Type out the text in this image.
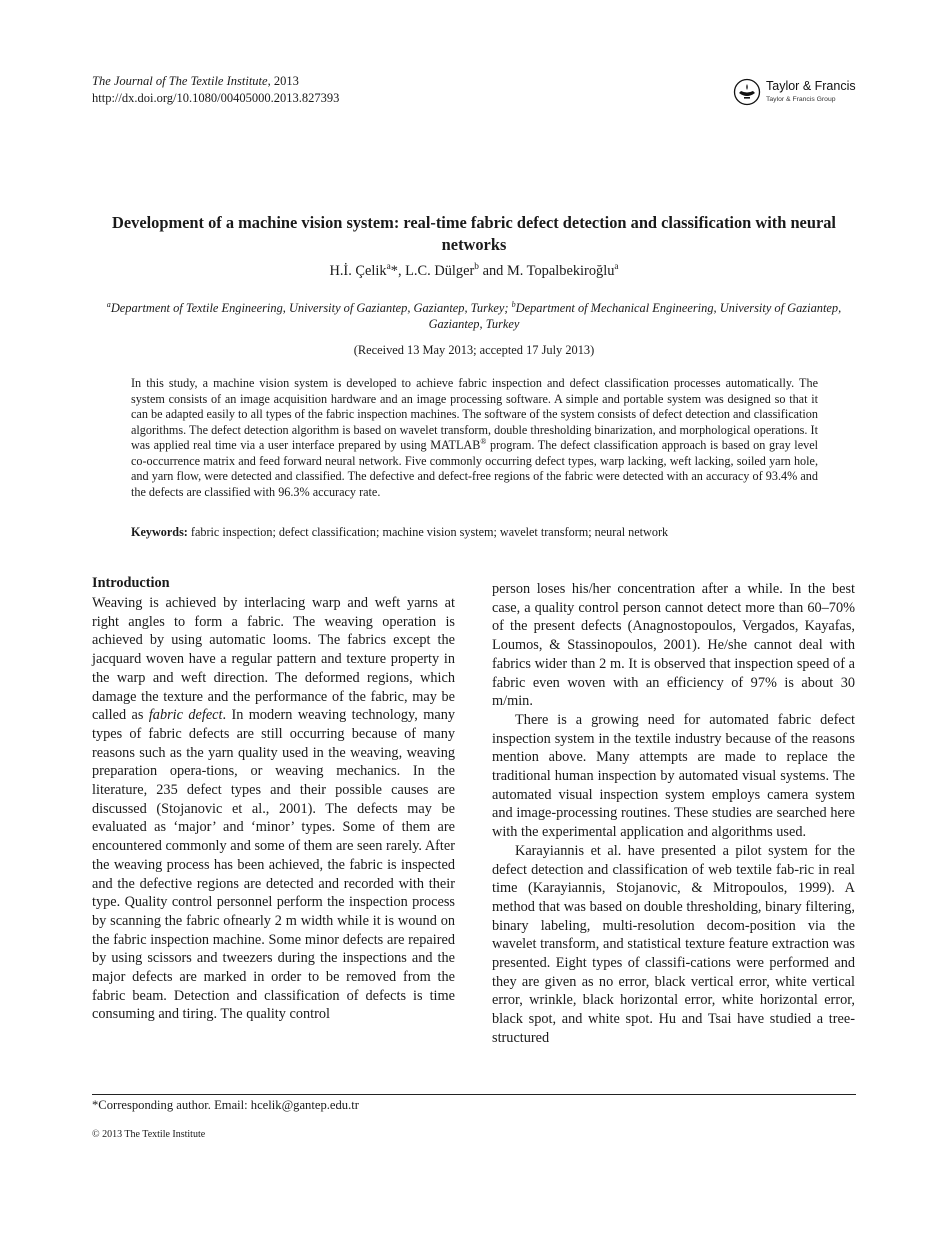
The Journal of The Textile Institute, 2013
http://dx.doi.org/10.1080/00405000.2013.827393
Taylor & Francis
Taylor & Francis Group
Development of a machine vision system: real-time fabric defect detection and classification with neural networks
H.İ. Çelik$^a$*, L.C. Dülger$^b$ and M. Topalbekiroğlu$^a$
$^a$Department of Textile Engineering, University of Gaziantep, Gaziantep, Turkey; $^b$Department of Mechanical Engineering, University of Gaziantep, Gaziantep, Turkey
(Received 13 May 2013; accepted 17 July 2013)
In this study, a machine vision system is developed to achieve fabric inspection and defect classification processes automatically. The system consists of an image acquisition hardware and an image processing software. A simple and portable system was designed so that it can be adapted easily to all types of the fabric inspection machines. The software of the system consists of defect detection and classification algorithms. The defect detection algorithm is based on wavelet transform, double thresholding binarization, and morphological operations. It was applied real time via a user interface prepared by using MATLAB® program. The defect classification approach is based on gray level co-occurrence matrix and feed forward neural network. Five commonly occurring defect types, warp lacking, weft lacking, soiled yarn hole, and yarn flow, were detected and classified. The defective and defect-free regions of the fabric were detected with an accuracy of 93.4% and the defects are classified with 96.3% accuracy rate.
Keywords: fabric inspection; defect classification; machine vision system; wavelet transform; neural network
Introduction

Weaving is achieved by interlacing warp and weft yarns at right angles to form a fabric. The weaving operation is achieved by using automatic looms. The fabrics except the jacquard woven have a regular pattern and texture property in the warp and weft direction. The deformed regions, which damage the texture and the performance of the fabric, may be called as fabric defect. In modern weaving technology, many types of fabric defects are still occurring because of many reasons such as the yarn quality used in the weaving, weaving preparation opera-tions, or weaving mechanics. In the literature, 235 defect types and their possible causes are discussed (Stojanovic et al., 2001). The defects may be evaluated as ‘major’ and ‘minor’ types. Some of them are encountered commonly and some of them are seen rarely. After the weaving process has been achieved, the fabric is inspected and the defective regions are detected and recorded with their type. Quality control personnel perform the inspection process by scanning the fabric ofnearly 2 m width while it is wound on the fabric inspection machine. Some minor defects are repaired by using scissors and tweezers during the inspections and the major defects are marked in order to be removed from the fabric beam. Detection and classification of defects is time consuming and tiring. The quality control

person loses his/her concentration after a while. In the best case, a quality control person cannot detect more than 60–70% of the present defects (Anagnostopoulos, Vergados, Kayafas, Loumos, & Stassinopoulos, 2001). He/she cannot deal with fabrics wider than 2 m. It is observed that inspection speed of a fabric even woven with an efficiency of 97% is about 30 m/min.

There is a growing need for automated fabric defect inspection system in the textile industry because of the reasons mention above. Many attempts are made to replace the traditional human inspection by automated visual systems. The automated visual inspection system employs camera system and image-processing routines. These studies are searched here with the experimental application and algorithms used.

Karayiannis et al. have presented a pilot system for the defect detection and classification of web textile fab-ric in real time (Karayiannis, Stojanovic, & Mitropoulos, 1999). A method that was based on double thresholding, binary filtering, binary labeling, multi-resolution decom-position via the wavelet transform, and statistical texture feature extraction was presented. Eight types of classifi-cations were performed and they are given as no error, black vertical error, white vertical error, wrinkle, black horizontal error, white horizontal error, black spot, and white spot. Hu and Tsai have studied a tree-structured

*Corresponding author. Email: hcelik@gantep.edu.tr
© 2013 The Textile Institute
